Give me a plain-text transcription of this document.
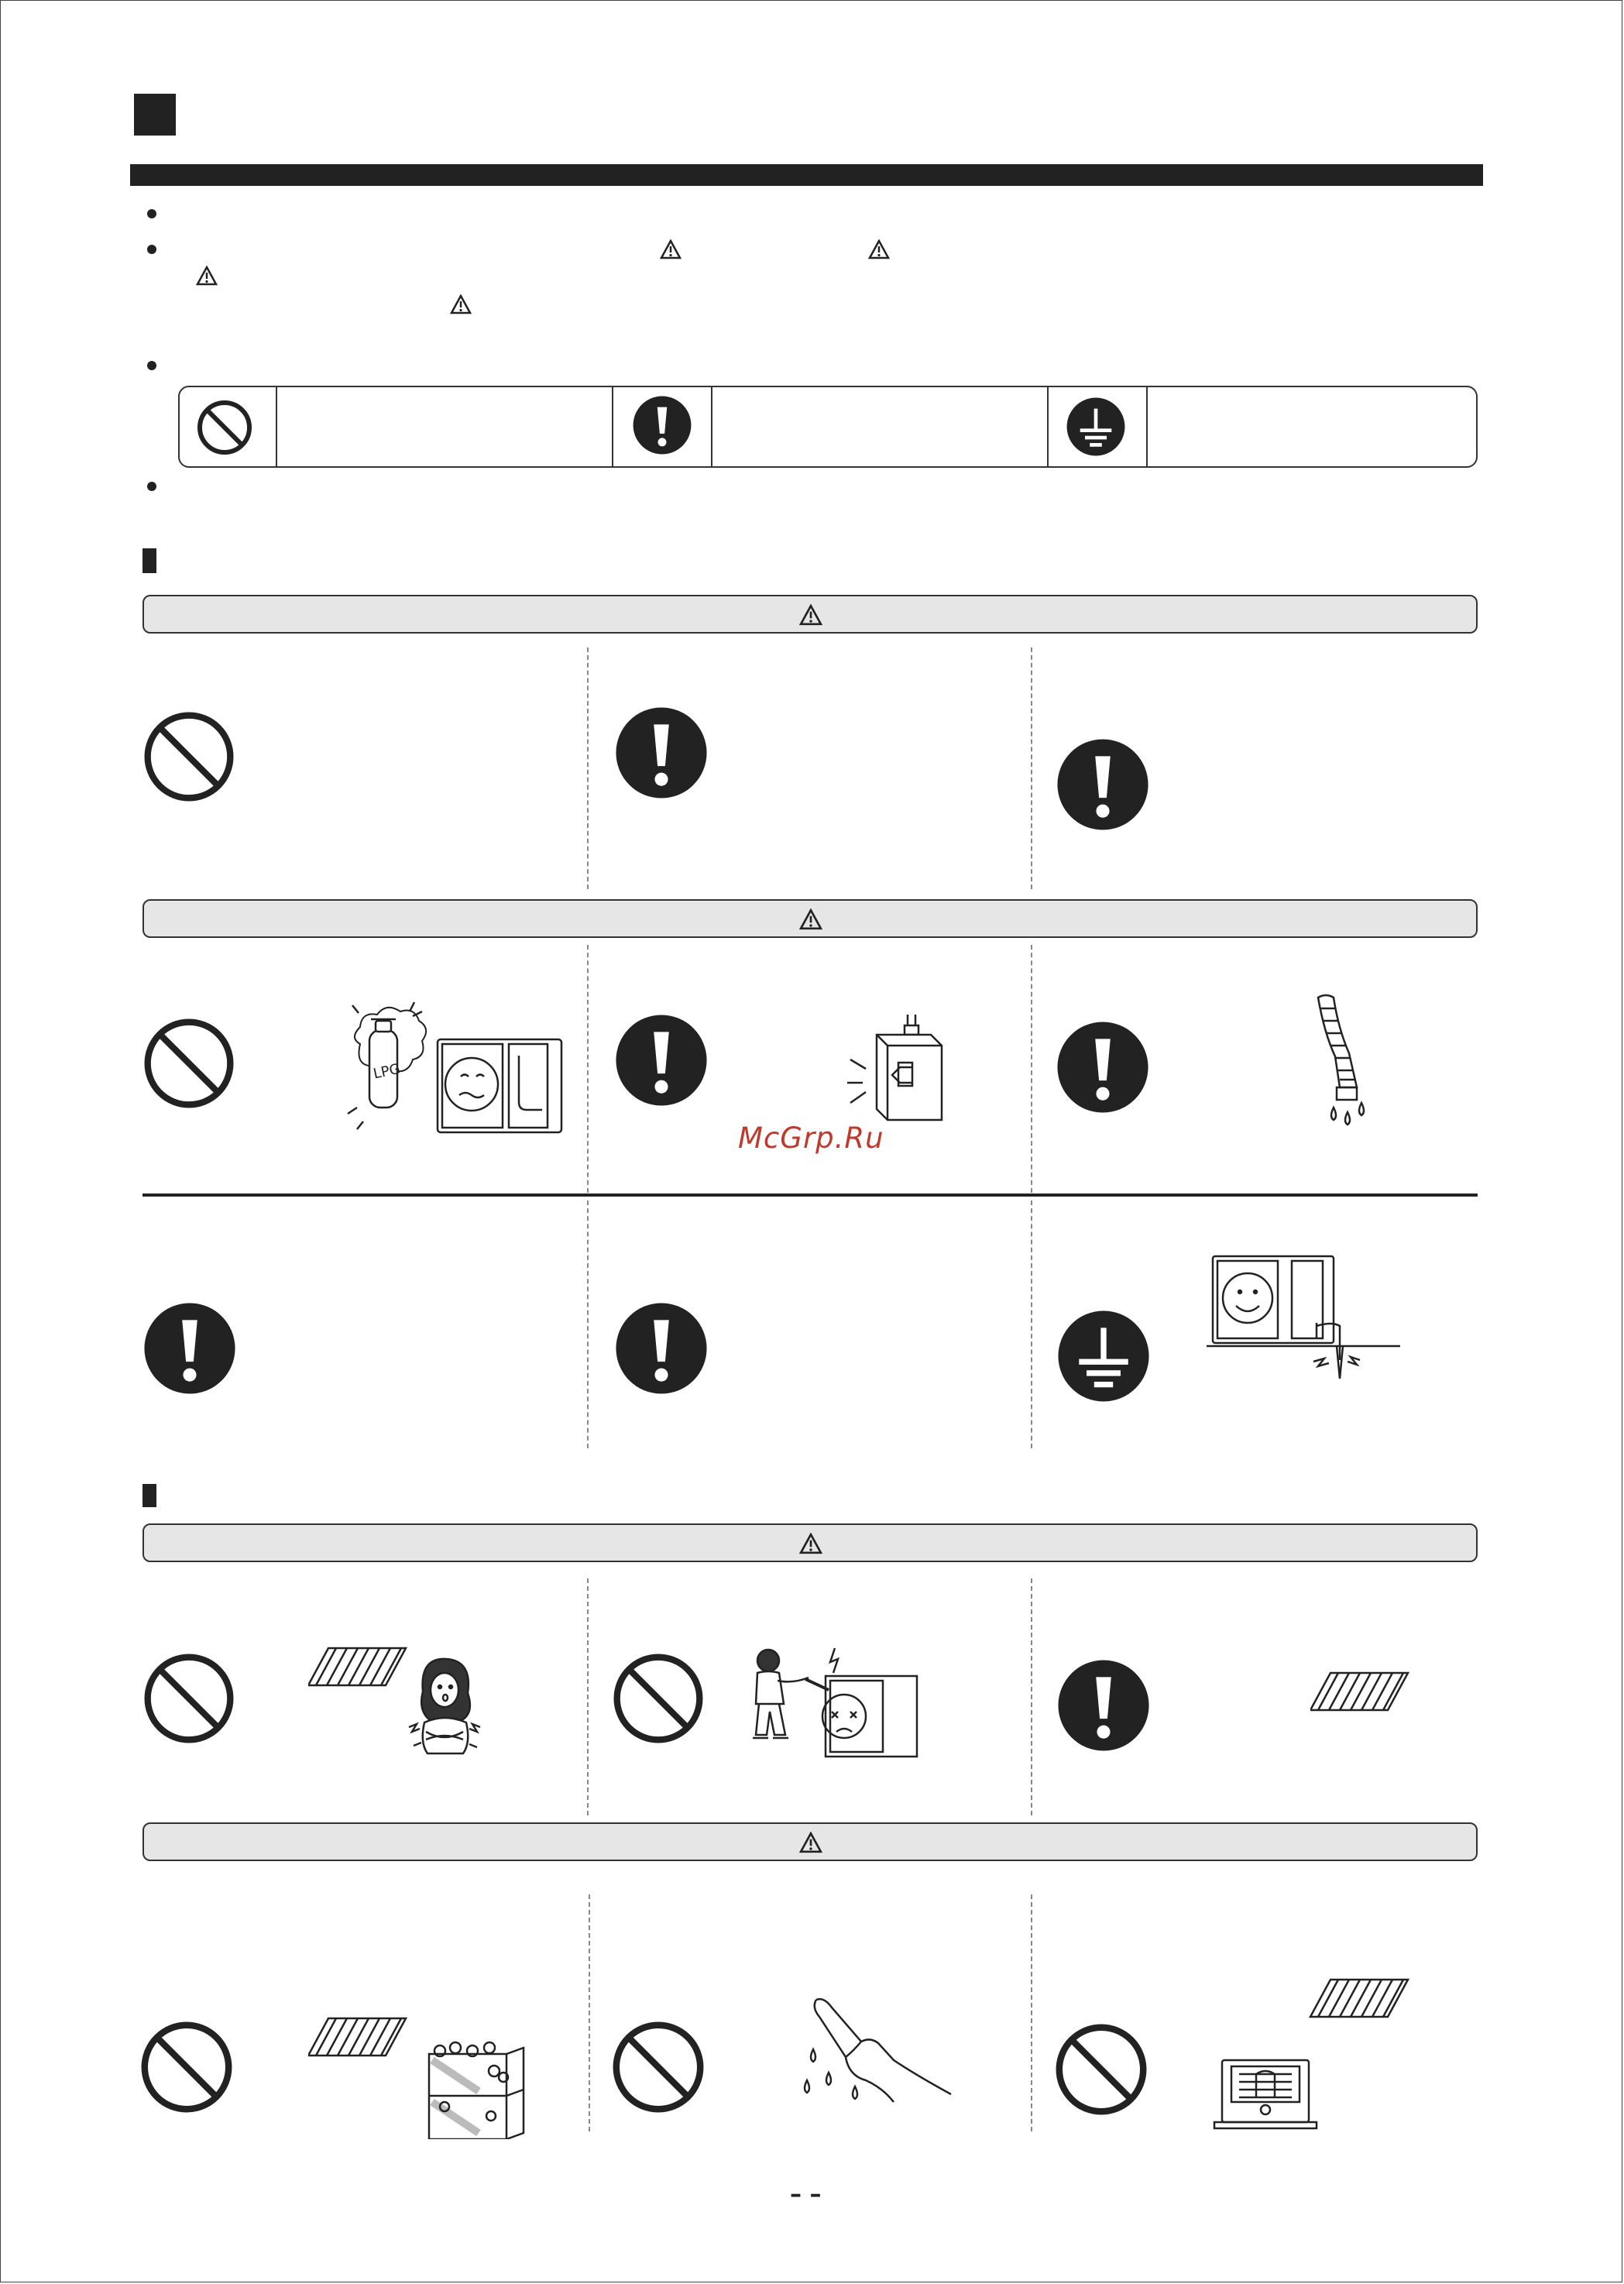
LPG
McGrp.Ru
– –
